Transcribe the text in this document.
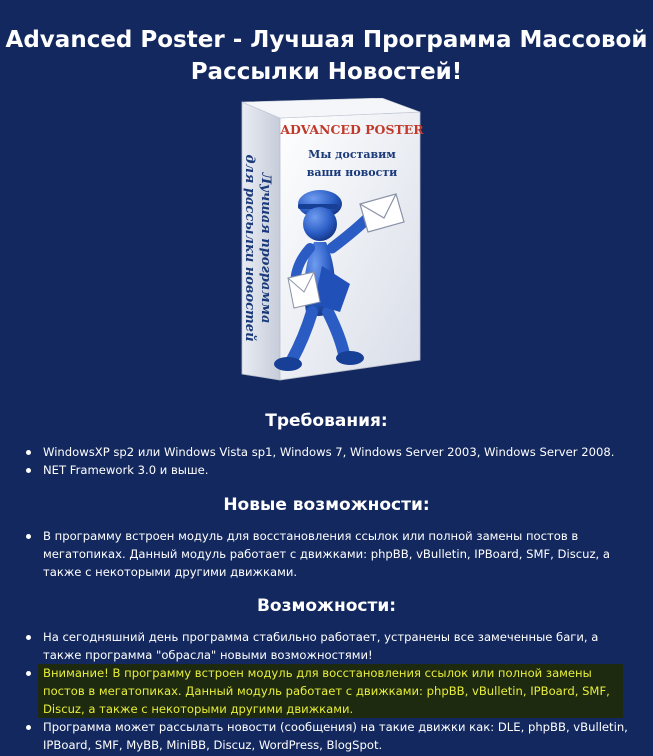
Advanced Poster - Лучшая Программа Массовой Рассылки Новостей!
Лучшая программа
для рассылки новостей
ADVANCED POSTER
Мы доставим
ваши новости
Требования:
WindowsXP sp2 или Windows Vista sp1, Windows 7, Windows Server 2003, Windows Server 2008.
NET Framework 3.0 и выше.
Новые возможности:
В программу встроен модуль для восстановления ссылок или полной замены постов в мегатопиках. Данный модуль работает с движками: phpBB, vBulletin, IPBoard, SMF, Discuz, а также с некоторыми другими движками.
Возможности:
На сегодняшний день программа стабильно работает, устранены все замеченные баги, а также программа "обрасла" новыми возможностями!
Внимание! В программу встроен модуль для восстановления ссылок или полной замены постов в мегатопиках. Данный модуль работает с движками: phpBB, vBulletin, IPBoard, SMF, Discuz, а также с некоторыми другими движками.
Программа может рассылать новости (сообщения) на такие движки как: DLE, phpBB, vBulletin, IPBoard, SMF, MyBB, MiniBB, Discuz, WordPress, BlogSpot.
